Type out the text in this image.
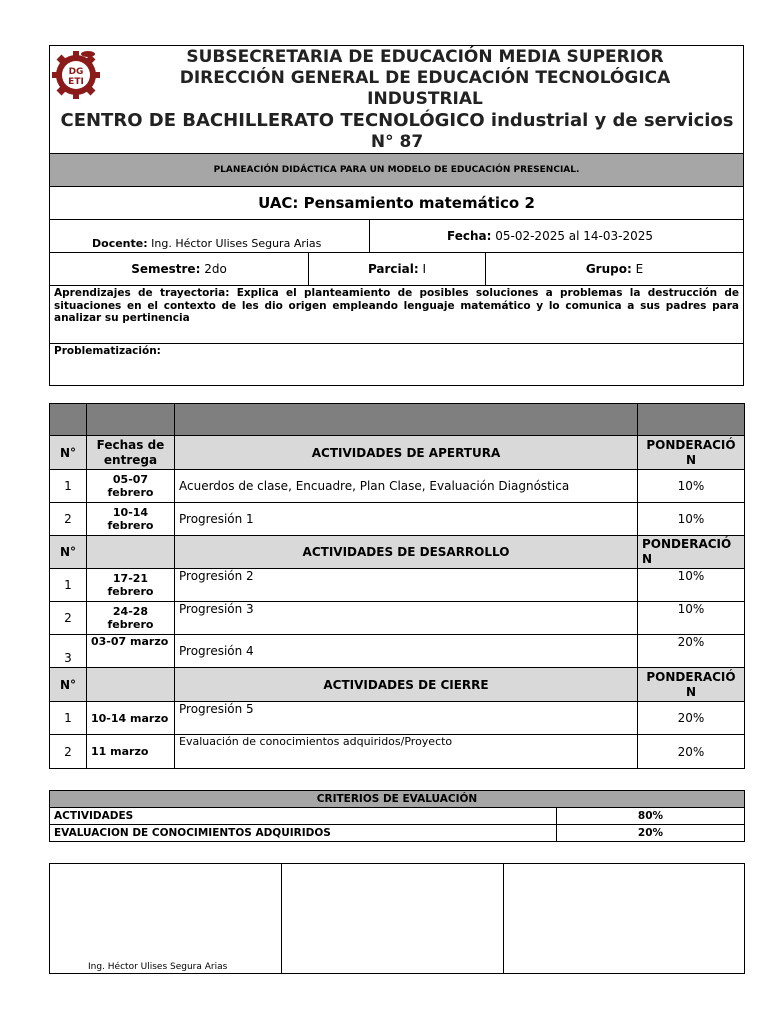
DG
ETI
SUBSECRETARIA DE EDUCACIÓN MEDIA SUPERIOR
DIRECCIÓN GENERAL DE EDUCACIÓN TECNOLÓGICA
INDUSTRIAL
CENTRO DE BACHILLERATO TECNOLÓGICO industrial y de servicios
N° 87
PLANEACIÓN DIDÁCTICA PARA UN MODELO DE EDUCACIÓN PRESENCIAL.
UAC: Pensamiento matemático 2
Docente: Ing. Héctor Ulises Segura Arias
Fecha: 05-02-2025 al 14-03-2025
Semestre: 2do	Parcial: I	Grupo: E
Aprendizajes de trayectoria: Explica el planteamiento de posibles soluciones a problemas la destrucción de situaciones en el contexto de les dio origen empleando lenguaje matemático y lo comunica a sus padres para analizar su pertinencia
Problematización:

N°	Fechas de entrega	ACTIVIDADES DE APERTURA	PONDERACIÓN
1	05-07 febrero	Acuerdos de clase, Encuadre, Plan Clase, Evaluación Diagnóstica	10%
2	10-14 febrero	Progresión 1	10%
N°		ACTIVIDADES DE DESARROLLO	PONDERACIÓN
1	17-21 febrero	Progresión 2	10%
2	24-28 febrero	Progresión 3	10%
3	03-07 marzo	Progresión 4	20%
N°		ACTIVIDADES DE CIERRE	PONDERACIÓN
1	10-14 marzo	Progresión 5	20%
2	11 marzo	Evaluación de conocimientos adquiridos/Proyecto	20%
CRITERIOS DE EVALUACIÓN	
ACTIVIDADES	80%
EVALUACION DE CONOCIMIENTOS ADQUIRIDOS	20%
Ing. Héctor Ulises Segura Arias		
